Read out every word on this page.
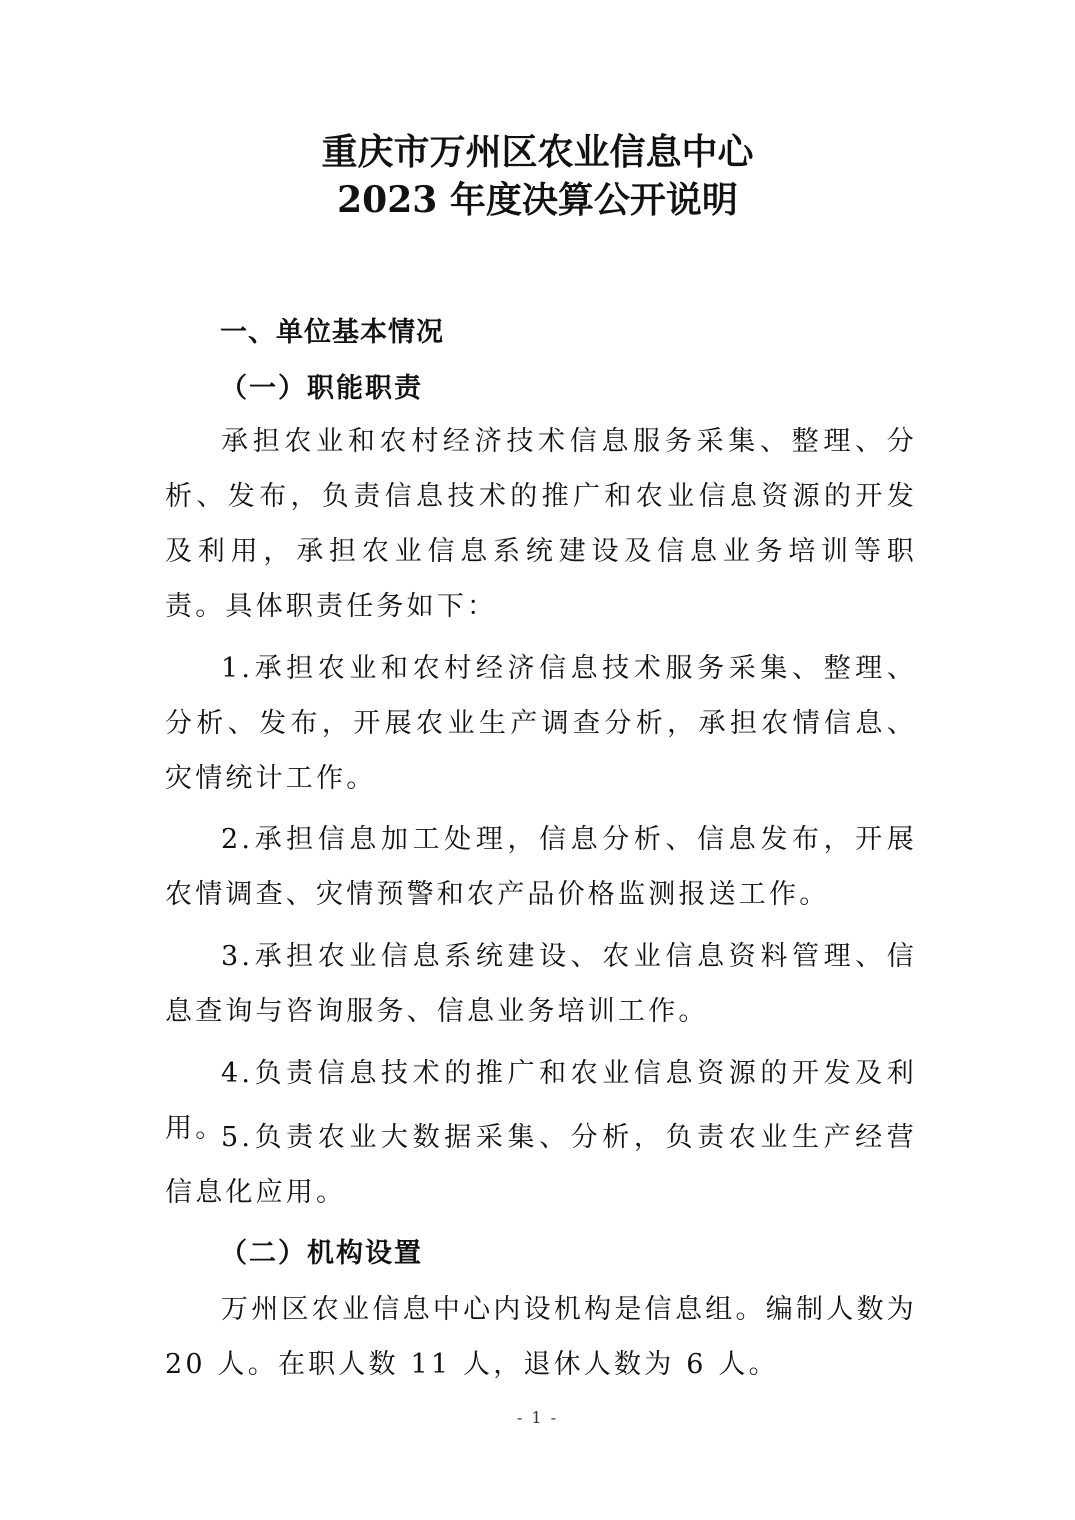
重庆市万州区农业信息中心
2023 年度决算公开说明
一、单位基本情况
（一）职能职责
承担农业和农村经济技术信息服务采集、整理、分析、发布，负责信息技术的推广和农业信息资源的开发及利用，承担农业信息系统建设及信息业务培训等职责。具体职责任务如下：
1.承担农业和农村经济信息技术服务采集、整理、分析、发布，开展农业生产调查分析，承担农情信息、灾情统计工作。
2.承担信息加工处理，信息分析、信息发布，开展农情调查、灾情预警和农产品价格监测报送工作。
3.承担农业信息系统建设、农业信息资料管理、信息查询与咨询服务、信息业务培训工作。
4.负责信息技术的推广和农业信息资源的开发及利用。
5.负责农业大数据采集、分析，负责农业生产经营信息化应用。
（二）机构设置
万州区农业信息中心内设机构是信息组。编制人数为 20 人。在职人数 11 人，退休人数为 6 人。
- 1 -
